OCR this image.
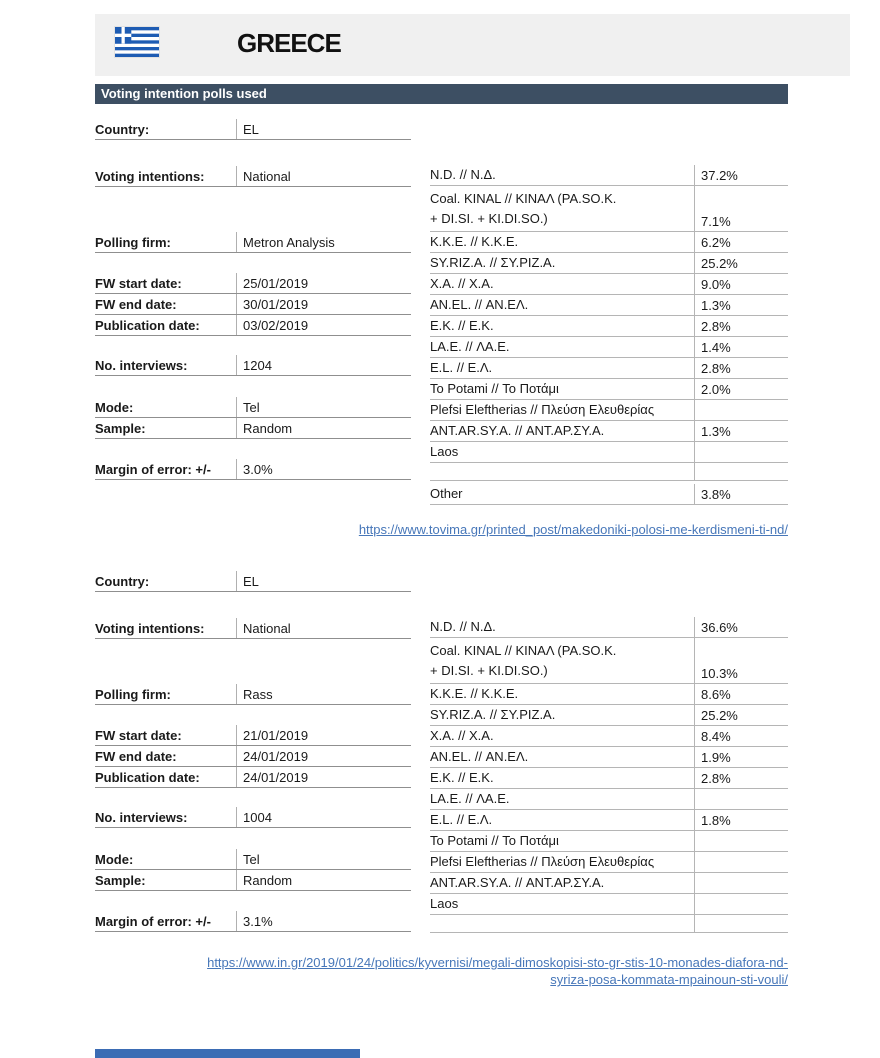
GREECE
Voting intention polls used
Country:	EL
Voting intentions:	National
Polling firm:	Metron Analysis
FW start date:	25/01/2019
FW end date:	30/01/2019
Publication date:	03/02/2019
No. interviews:	1204
Mode:	Tel
Sample:	Random
Margin of error: +/-	3.0%
N.D. // Ν.Δ.	37.2%
Coal. KINAL // ΚΙΝΑΛ (PA.SO.K.
+ DI.SI. + KI.DI.SO.)	7.1%
K.K.E. // Κ.Κ.Ε.	6.2%
SY.RIZ.A. // ΣΥ.ΡΙΖ.Α.	25.2%
X.A. // Χ.Α.	9.0%
AN.EL. // ΑΝ.ΕΛ.	1.3%
E.K. // Ε.Κ.	2.8%
LA.E. // ΛΑ.Ε.	1.4%
E.L. // Ε.Λ.	2.8%
To Potami // Το Ποτάμι	2.0%
Plefsi Eleftherias // Πλεύση Ελευθερίας
ANT.AR.SY.A. // ΑΝΤ.ΑΡ.ΣΥ.Α.	1.3%
Laos
Other	3.8%
https://www.tovima.gr/printed_post/makedoniki-polosi-me-kerdismeni-ti-nd/
Country:	EL
Voting intentions:	National
Polling firm:	Rass
FW start date:	21/01/2019
FW end date:	24/01/2019
Publication date:	24/01/2019
No. interviews:	1004
Mode:	Tel
Sample:	Random
Margin of error: +/-	3.1%
N.D. // Ν.Δ.	36.6%
Coal. KINAL // ΚΙΝΑΛ (PA.SO.K.
+ DI.SI. + KI.DI.SO.)	10.3%
K.K.E. // Κ.Κ.Ε.	8.6%
SY.RIZ.A. // ΣΥ.ΡΙΖ.Α.	25.2%
X.A. // Χ.Α.	8.4%
AN.EL. // ΑΝ.ΕΛ.	1.9%
E.K. // Ε.Κ.	2.8%
LA.E. // ΛΑ.Ε.
E.L. // Ε.Λ.	1.8%
To Potami // Το Ποτάμι
Plefsi Eleftherias // Πλεύση Ελευθερίας
ANT.AR.SY.A. // ΑΝΤ.ΑΡ.ΣΥ.Α.
Laos
https://www.in.gr/2019/01/24/politics/kyvernisi/megali-dimoskopisi-sto-gr-stis-10-monades-diafora-nd-
syriza-posa-kommata-mpainoun-sti-vouli/
